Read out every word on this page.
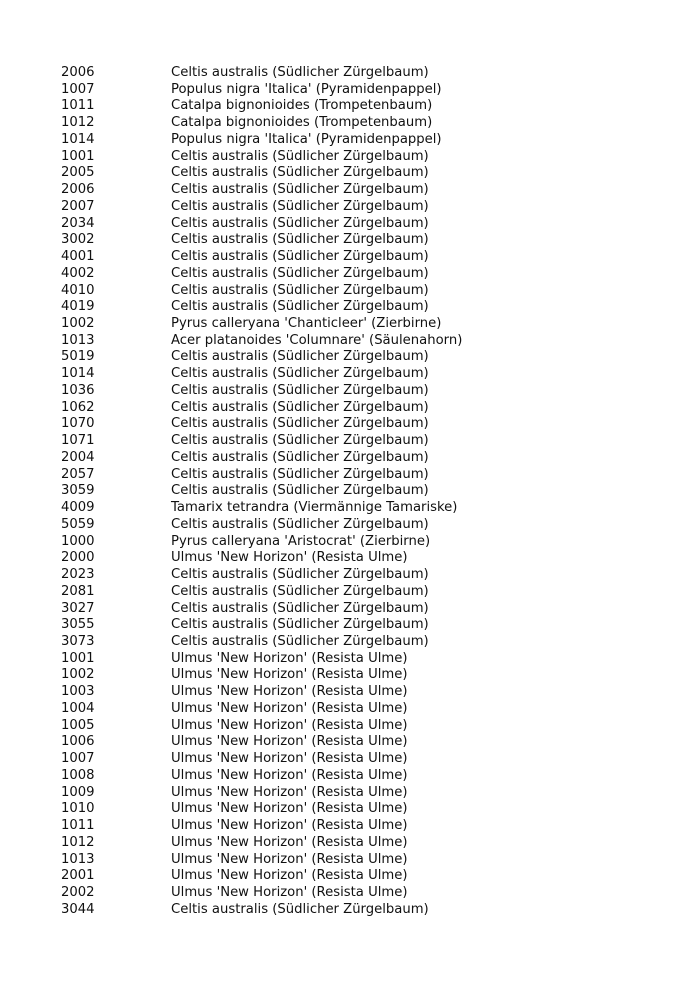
2006	Celtis australis (Südlicher Zürgelbaum)
1007	Populus nigra 'Italica' (Pyramidenpappel)
1011	Catalpa bignonioides (Trompetenbaum)
1012	Catalpa bignonioides (Trompetenbaum)
1014	Populus nigra 'Italica' (Pyramidenpappel)
1001	Celtis australis (Südlicher Zürgelbaum)
2005	Celtis australis (Südlicher Zürgelbaum)
2006	Celtis australis (Südlicher Zürgelbaum)
2007	Celtis australis (Südlicher Zürgelbaum)
2034	Celtis australis (Südlicher Zürgelbaum)
3002	Celtis australis (Südlicher Zürgelbaum)
4001	Celtis australis (Südlicher Zürgelbaum)
4002	Celtis australis (Südlicher Zürgelbaum)
4010	Celtis australis (Südlicher Zürgelbaum)
4019	Celtis australis (Südlicher Zürgelbaum)
1002	Pyrus calleryana 'Chanticleer' (Zierbirne)
1013	Acer platanoides 'Columnare' (Säulenahorn)
5019	Celtis australis (Südlicher Zürgelbaum)
1014	Celtis australis (Südlicher Zürgelbaum)
1036	Celtis australis (Südlicher Zürgelbaum)
1062	Celtis australis (Südlicher Zürgelbaum)
1070	Celtis australis (Südlicher Zürgelbaum)
1071	Celtis australis (Südlicher Zürgelbaum)
2004	Celtis australis (Südlicher Zürgelbaum)
2057	Celtis australis (Südlicher Zürgelbaum)
3059	Celtis australis (Südlicher Zürgelbaum)
4009	Tamarix tetrandra (Viermännige Tamariske)
5059	Celtis australis (Südlicher Zürgelbaum)
1000	Pyrus calleryana 'Aristocrat' (Zierbirne)
2000	Ulmus 'New Horizon' (Resista Ulme)
2023	Celtis australis (Südlicher Zürgelbaum)
2081	Celtis australis (Südlicher Zürgelbaum)
3027	Celtis australis (Südlicher Zürgelbaum)
3055	Celtis australis (Südlicher Zürgelbaum)
3073	Celtis australis (Südlicher Zürgelbaum)
1001	Ulmus 'New Horizon' (Resista Ulme)
1002	Ulmus 'New Horizon' (Resista Ulme)
1003	Ulmus 'New Horizon' (Resista Ulme)
1004	Ulmus 'New Horizon' (Resista Ulme)
1005	Ulmus 'New Horizon' (Resista Ulme)
1006	Ulmus 'New Horizon' (Resista Ulme)
1007	Ulmus 'New Horizon' (Resista Ulme)
1008	Ulmus 'New Horizon' (Resista Ulme)
1009	Ulmus 'New Horizon' (Resista Ulme)
1010	Ulmus 'New Horizon' (Resista Ulme)
1011	Ulmus 'New Horizon' (Resista Ulme)
1012	Ulmus 'New Horizon' (Resista Ulme)
1013	Ulmus 'New Horizon' (Resista Ulme)
2001	Ulmus 'New Horizon' (Resista Ulme)
2002	Ulmus 'New Horizon' (Resista Ulme)
3044	Celtis australis (Südlicher Zürgelbaum)
